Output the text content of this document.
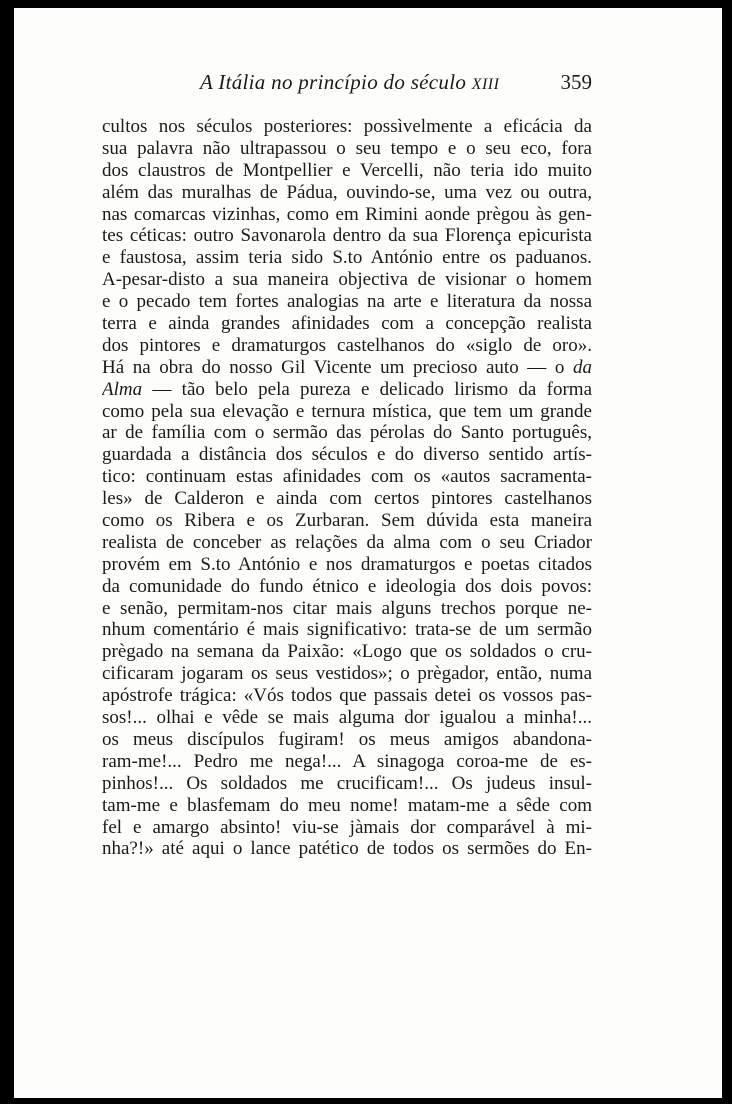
A Itália no princípio do século XIII	359
cultos nos séculos posteriores: possìvelmente a eficácia da
sua palavra não ultrapassou o seu tempo e o seu eco, fora
dos claustros de Montpellier e Vercelli, não teria ido muito
além das muralhas de Pádua, ouvindo-se, uma vez ou outra,
nas comarcas vizinhas, como em Rimini aonde prègou às gen-
tes céticas: outro Savonarola dentro da sua Florença epicurista
e faustosa, assim teria sido S.to António entre os paduanos.
A-pesar-disto a sua maneira objectiva de visionar o homem
e o pecado tem fortes analogias na arte e literatura da nossa
terra e ainda grandes afinidades com a concepção realista
dos pintores e dramaturgos castelhanos do «siglo de oro».
Há na obra do nosso Gil Vicente um precioso auto — o da
Alma — tão belo pela pureza e delicado lirismo da forma
como pela sua elevação e ternura mística, que tem um grande
ar de família com o sermão das pérolas do Santo português,
guardada a distância dos séculos e do diverso sentido artís-
tico: continuam estas afinidades com os «autos sacramenta-
les» de Calderon e ainda com certos pintores castelhanos
como os Ribera e os Zurbaran. Sem dúvida esta maneira
realista de conceber as relações da alma com o seu Criador
provém em S.to António e nos dramaturgos e poetas citados
da comunidade do fundo étnico e ideologia dos dois povos:
e senão, permitam-nos citar mais alguns trechos porque ne-
nhum comentário é mais significativo: trata-se de um sermão
prègado na semana da Paixão: «Logo que os soldados o cru-
cificaram jogaram os seus vestidos»; o prègador, então, numa
apóstrofe trágica: «Vós todos que passais detei os vossos pas-
sos!... olhai e vêde se mais alguma dor igualou a minha!...
os meus discípulos fugiram! os meus amigos abandona-
ram-me!... Pedro me nega!... A sinagoga coroa-me de es-
pinhos!... Os soldados me crucificam!... Os judeus insul-
tam-me e blasfemam do meu nome! matam-me a sêde com
fel e amargo absinto! viu-se jàmais dor comparável à mi-
nha?!» até aqui o lance patético de todos os sermões do En-
